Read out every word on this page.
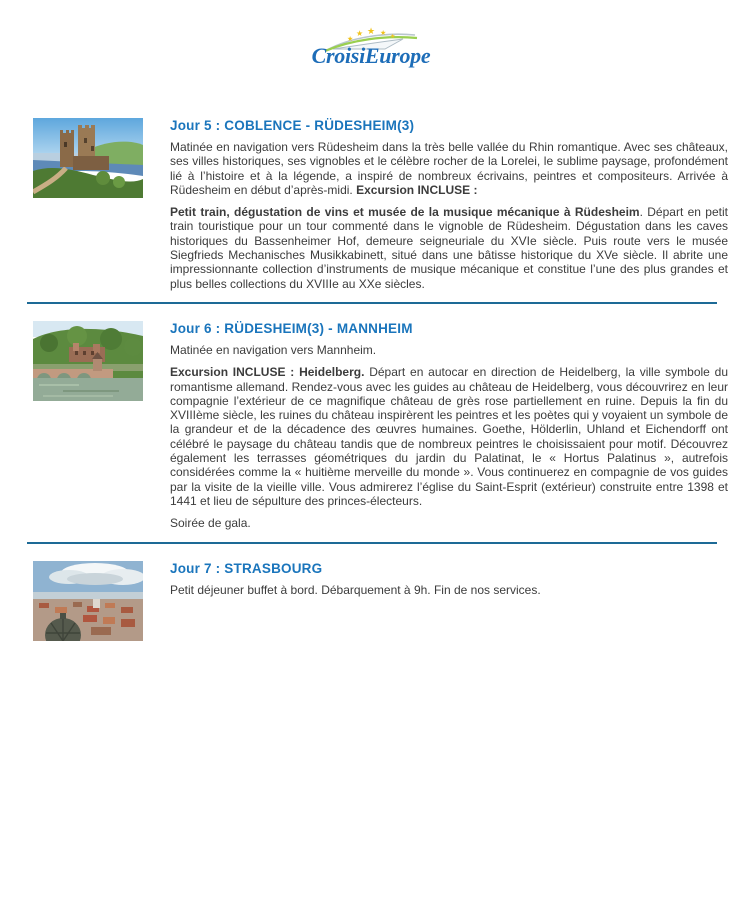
★
★ ★ ★ ★
CroisiEurope
Jour 5 : COBLENCE - RÜDESHEIM(3)

Matinée en navigation vers Rüdesheim dans la très belle vallée du Rhin romantique. Avec ses châteaux, ses villes historiques, ses vignobles et le célèbre rocher de la Lorelei, le sublime paysage, profondément lié à l’histoire et à la légende, a inspiré de nombreux écrivains, peintres et compositeurs. Arrivée à Rüdesheim en début d’après-midi. Excursion INCLUSE :

Petit train, dégustation de vins et musée de la musique mécanique à Rüdesheim. Départ en petit train touristique pour un tour commenté dans le vignoble de Rüdesheim. Dégustation dans les caves historiques du Bassenheimer Hof, demeure seigneuriale du XVIe siècle. Puis route vers le musée Siegfrieds Mechanisches Musikkabinett, situé dans une bâtisse historique du XVe siècle. Il abrite une impressionnante collection d’instruments de musique mécanique et constitue l’une des plus grandes et plus belles collections du XVIIIe au XXe siècles.

Jour 6 : RÜDESHEIM(3) - MANNHEIM

Matinée en navigation vers Mannheim.

Excursion INCLUSE : Heidelberg. Départ en autocar en direction de Heidelberg, la ville symbole du romantisme allemand. Rendez-vous avec les guides au château de Heidelberg, vous découvrirez en leur compagnie l’extérieur de ce magnifique château de grès rose partiellement en ruine. Depuis la fin du XVIIIème siècle, les ruines du château inspirèrent les peintres et les poètes qui y voyaient un symbole de la grandeur et de la décadence des œuvres humaines. Goethe, Hölderlin, Uhland et Eichendorff ont célébré le paysage du château tandis que de nombreux peintres le choisissaient pour motif. Découvrez également les terrasses géométriques du jardin du Palatinat, le « Hortus Palatinus », autrefois considérées comme la « huitième merveille du monde ». Vous continuerez en compagnie de vos guides par la visite de la vieille ville. Vous admirerez l’église du Saint-Esprit (extérieur) construite entre 1398 et 1441 et lieu de sépulture des princes-électeurs.

Soirée de gala.

Jour 7 : STRASBOURG

Petit déjeuner buffet à bord. Débarquement à 9h. Fin de nos services.
